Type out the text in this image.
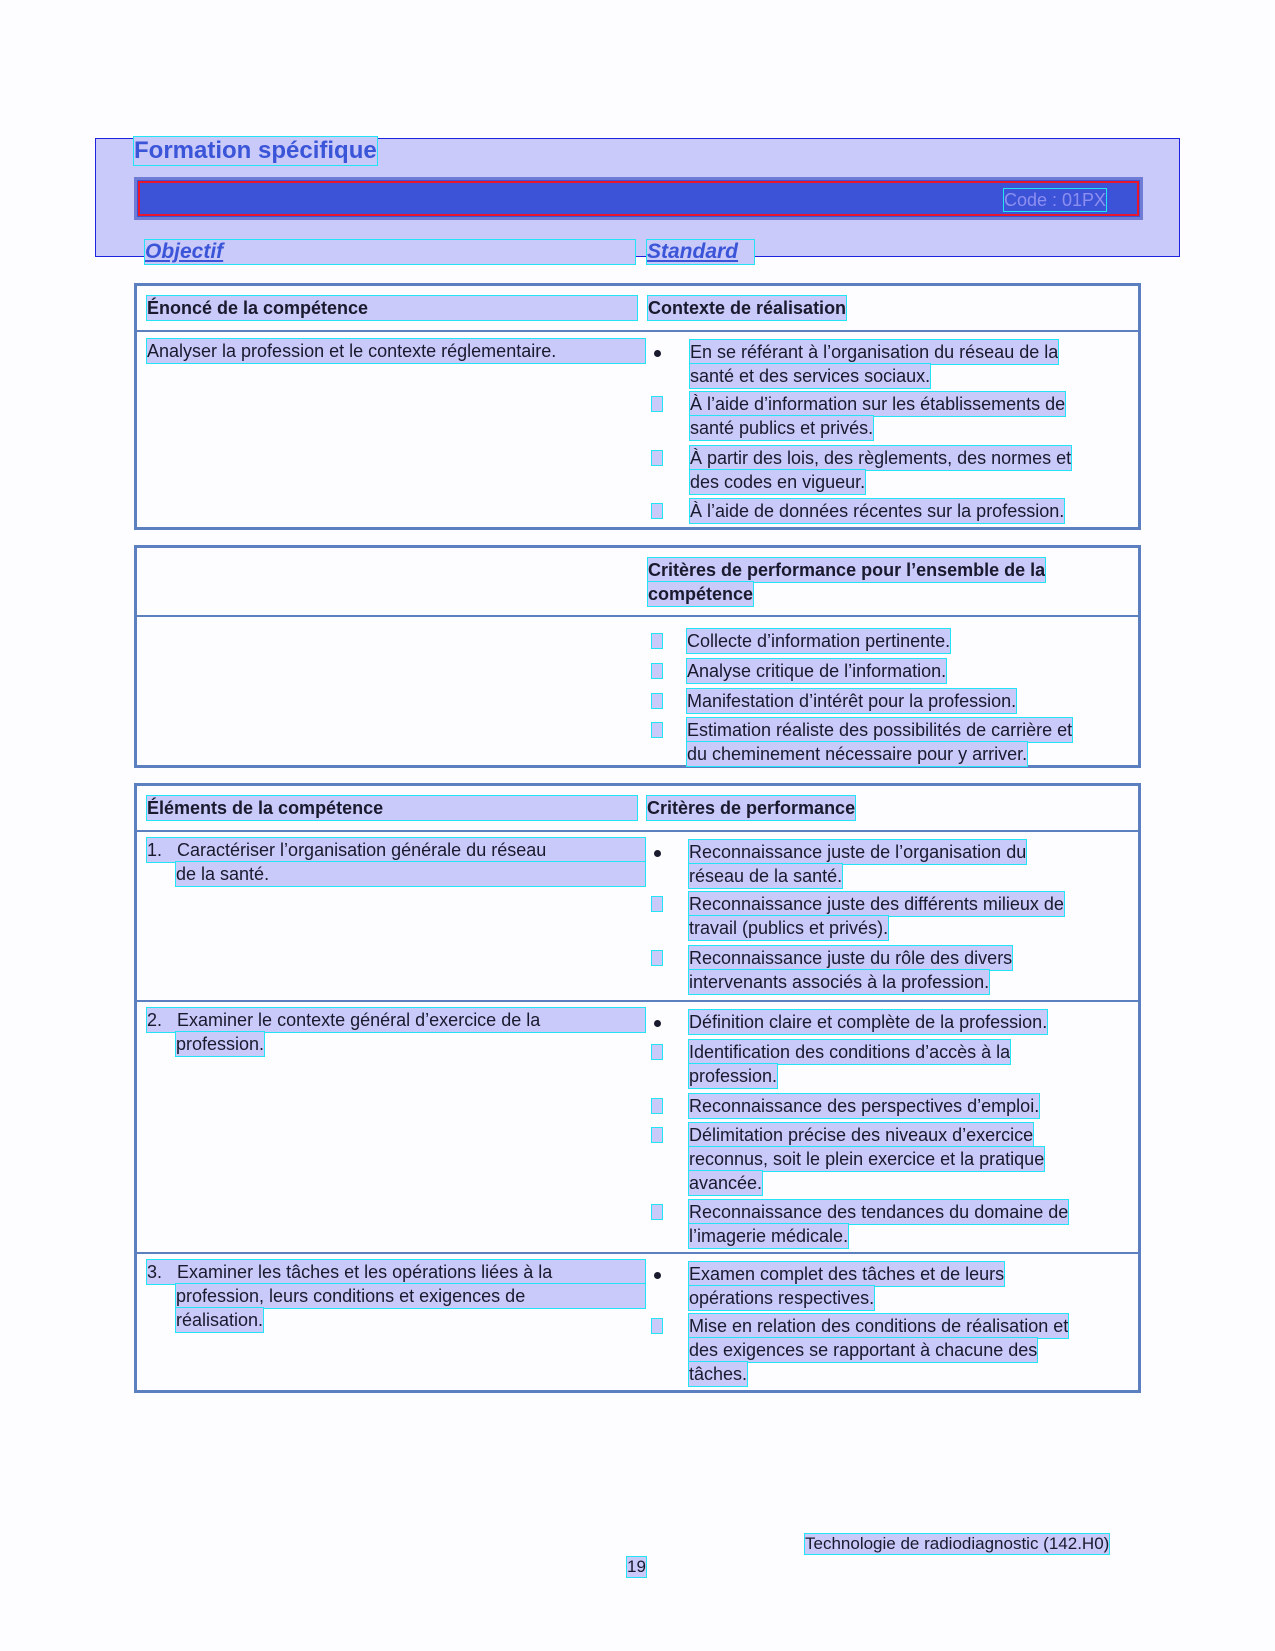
Formation spécifique
Code : 01PX
Objectif	Standard
Énoncé de la compétence	Contexte de réalisation
Analyser la profession et le contexte réglementaire.	En se référant à l’organisation du réseau de la
santé et des services sociaux.
À l’aide d’information sur les établissements de
santé publics et privés.
À partir des lois, des règlements, des normes et
des codes en vigueur.
À l’aide de données récentes sur la profession.
Critères de performance pour l’ensemble de la
compétence
Collecte d’information pertinente.
Analyse critique de l’information.
Manifestation d’intérêt pour la profession.
Estimation réaliste des possibilités de carrière et
du cheminement nécessaire pour y arriver.
Éléments de la compétence	Critères de performance
1. Caractériser l’organisation générale du réseau
de la santé.
Reconnaissance juste de l’organisation du
réseau de la santé.
Reconnaissance juste des différents milieux de
travail (publics et privés).
Reconnaissance juste du rôle des divers
intervenants associés à la profession.
2. Examiner le contexte général d’exercice de la
profession.
Définition claire et complète de la profession.
Identification des conditions d’accès à la
profession.
Reconnaissance des perspectives d’emploi.
Délimitation précise des niveaux d’exercice
reconnus, soit le plein exercice et la pratique
avancée.
Reconnaissance des tendances du domaine de
l’imagerie médicale.
3. Examiner les tâches et les opérations liées à la
profession, leurs conditions et exigences de
réalisation.
Examen complet des tâches et de leurs
opérations respectives.
Mise en relation des conditions de réalisation et
des exigences se rapportant à chacune des
tâches.
Technologie de radiodiagnostic (142.H0)
19
